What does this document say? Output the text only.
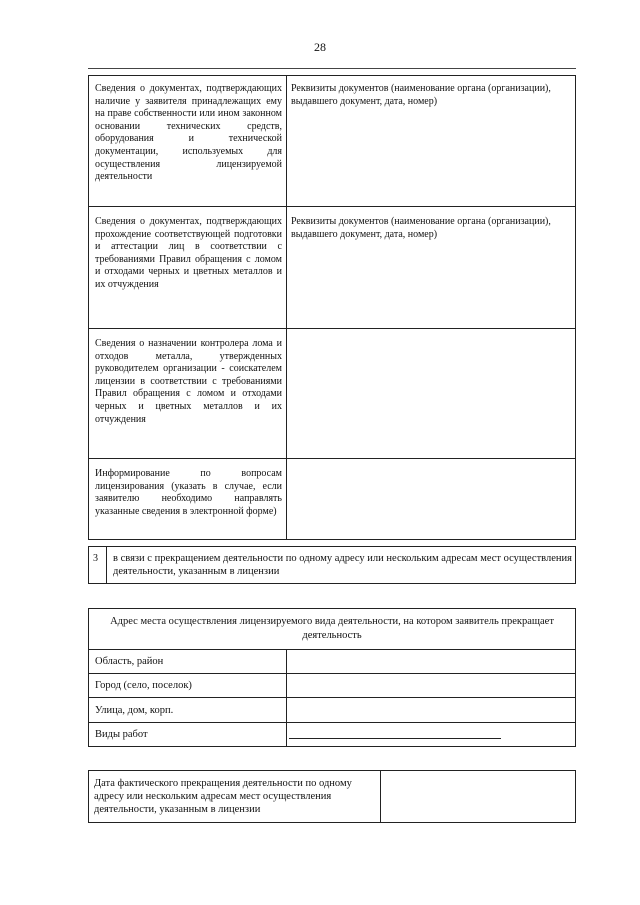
28
Сведения о документах, подтверждающих наличие у заявителя принадлежащих ему на праве собственности или ином законном основании технических средств, оборудования и технической документации, используемых для осуществления лицензируемой деятельности
Реквизиты документов (наименование органа (организации), выдавшего документ, дата, номер)
Сведения о документах, подтверждающих прохождение соответствующей подготовки и аттестации лиц в соответствии с требованиями Правил обращения с ломом и отходами черных и цветных металлов и их отчуждения
Реквизиты документов (наименование органа (организации), выдавшего документ, дата, номер)
Сведения о назначении контролера лома и отходов металла, утвержденных руководителем организации - соискателем лицензии в соответствии с требованиями Правил обращения с ломом и отходами черных и цветных металлов и их отчуждения
Информирование по вопросам лицензирования (указать в случае, если заявителю необходимо направлять указанные сведения в электронной форме)
3	в связи с прекращением деятельности по одному адресу или нескольким адресам мест осуществления деятельности, указанным в лицензии
Адрес места осуществления лицензируемого вида деятельности, на котором заявитель прекращает деятельность
Область, район
Город (село, поселок)
Улица, дом, корп.
Виды работ
Дата фактического прекращения деятельности по одному адресу или нескольким адресам мест осуществления деятельности, указанным в лицензии
